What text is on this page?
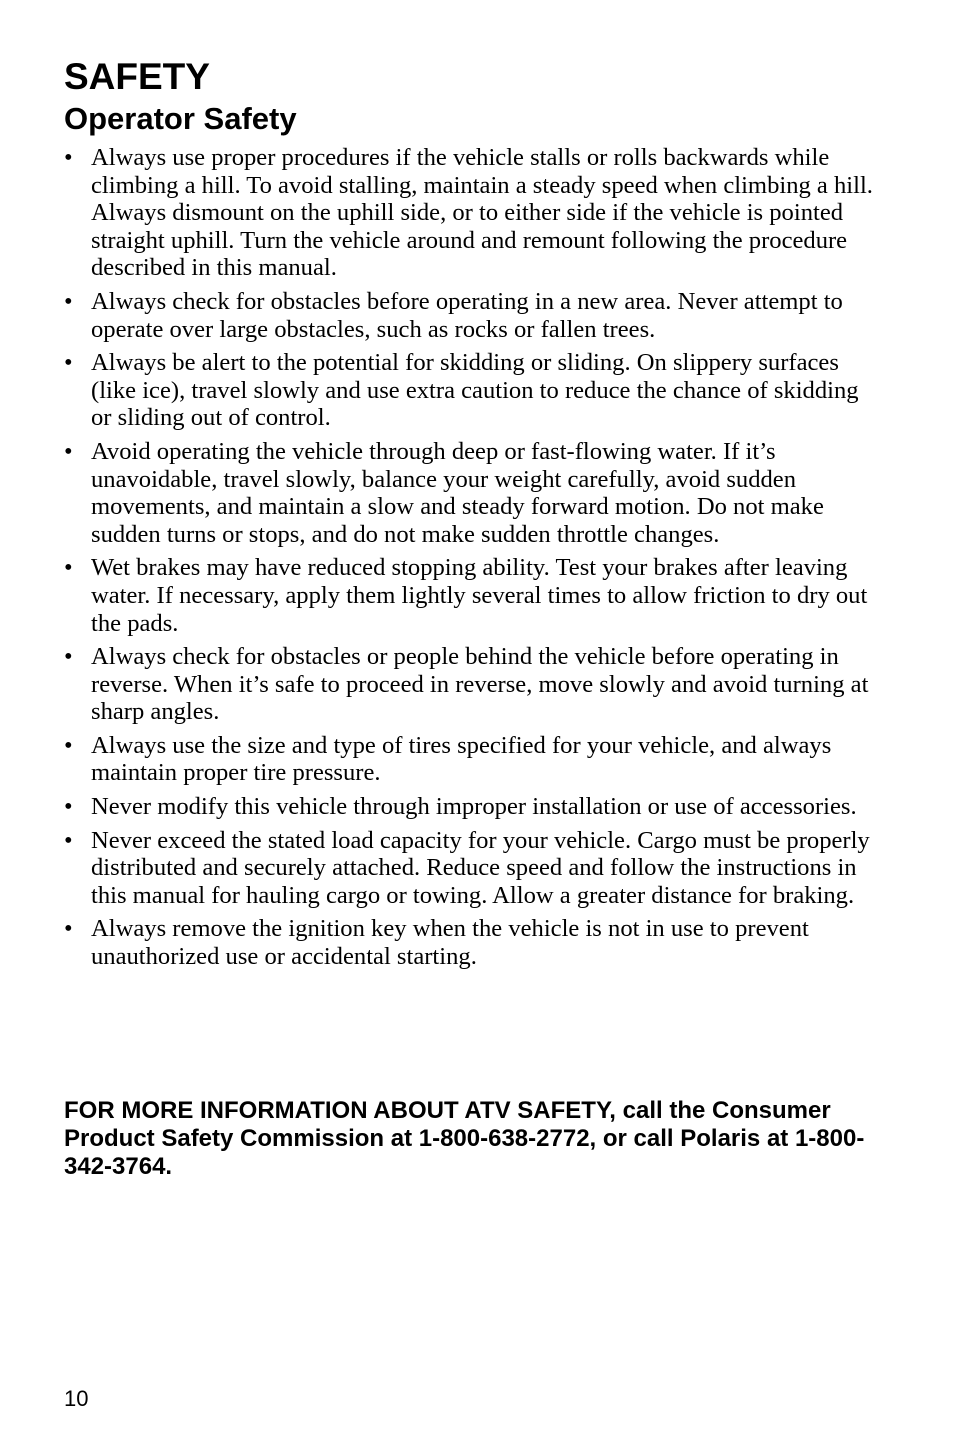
SAFETY
Operator Safety
• Always use proper procedures if the vehicle stalls or rolls backwards while climbing a hill. To avoid stalling, maintain a steady speed when climbing a hill. Always dismount on the uphill side, or to either side if the vehicle is pointed straight uphill. Turn the vehicle around and remount following the procedure described in this manual.
• Always check for obstacles before operating in a new area. Never attempt to operate over large obstacles, such as rocks or fallen trees.
• Always be alert to the potential for skidding or sliding. On slippery surfaces (like ice), travel slowly and use extra caution to reduce the chance of skidding or sliding out of control.
• Avoid operating the vehicle through deep or fast-flowing water. If it’s unavoidable, travel slowly, balance your weight carefully, avoid sudden movements, and maintain a slow and steady forward motion. Do not make sudden turns or stops, and do not make sudden throttle changes.
• Wet brakes may have reduced stopping ability. Test your brakes after leaving water. If necessary, apply them lightly several times to allow friction to dry out the pads.
• Always check for obstacles or people behind the vehicle before operating in reverse. When it’s safe to proceed in reverse, move slowly and avoid turning at sharp angles.
• Always use the size and type of tires specified for your vehicle, and always maintain proper tire pressure.
• Never modify this vehicle through improper installation or use of accessories.
• Never exceed the stated load capacity for your vehicle. Cargo must be properly distributed and securely attached. Reduce speed and follow the instructions in this manual for hauling cargo or towing. Allow a greater distance for braking.
• Always remove the ignition key when the vehicle is not in use to prevent unauthorized use or accidental starting.

FOR MORE INFORMATION ABOUT ATV SAFETY, call the Consumer Product Safety Commission at 1-800-638-2772, or call Polaris at 1-800-342-3764.

10
